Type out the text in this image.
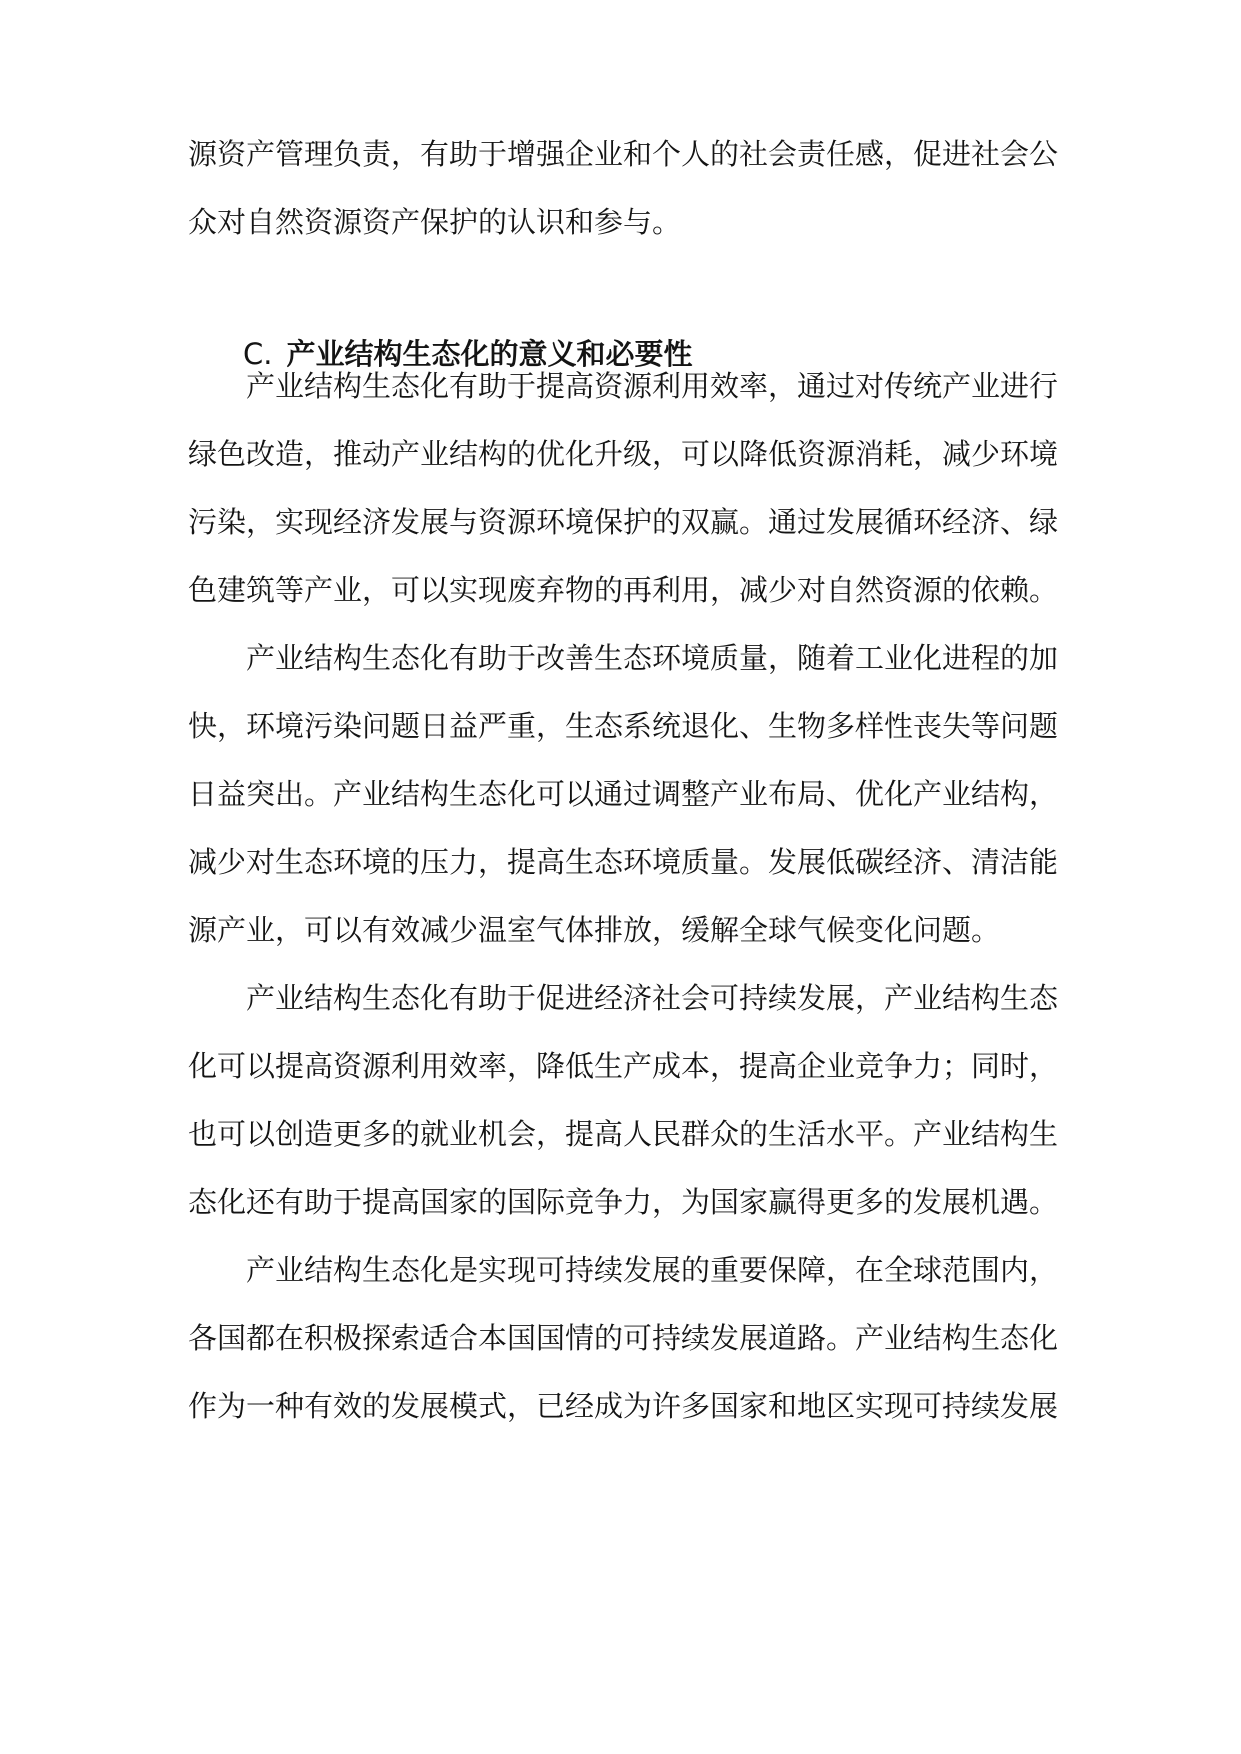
源资产管理负责，有助于增强企业和个人的社会责任感，促进社会公
众对自然资源资产保护的认识和参与。
C. 产业结构生态化的意义和必要性
产业结构生态化有助于提高资源利用效率，通过对传统产业进行
绿色改造，推动产业结构的优化升级，可以降低资源消耗，减少环境
污染，实现经济发展与资源环境保护的双赢。通过发展循环经济、绿
色建筑等产业，可以实现废弃物的再利用，减少对自然资源的依赖。
产业结构生态化有助于改善生态环境质量，随着工业化进程的加
快，环境污染问题日益严重，生态系统退化、生物多样性丧失等问题
日益突出。产业结构生态化可以通过调整产业布局、优化产业结构，
减少对生态环境的压力，提高生态环境质量。发展低碳经济、清洁能
源产业，可以有效减少温室气体排放，缓解全球气候变化问题。
产业结构生态化有助于促进经济社会可持续发展，产业结构生态
化可以提高资源利用效率，降低生产成本，提高企业竞争力；同时，
也可以创造更多的就业机会，提高人民群众的生活水平。产业结构生
态化还有助于提高国家的国际竞争力，为国家赢得更多的发展机遇。
产业结构生态化是实现可持续发展的重要保障，在全球范围内，
各国都在积极探索适合本国国情的可持续发展道路。产业结构生态化
作为一种有效的发展模式，已经成为许多国家和地区实现可持续发展
